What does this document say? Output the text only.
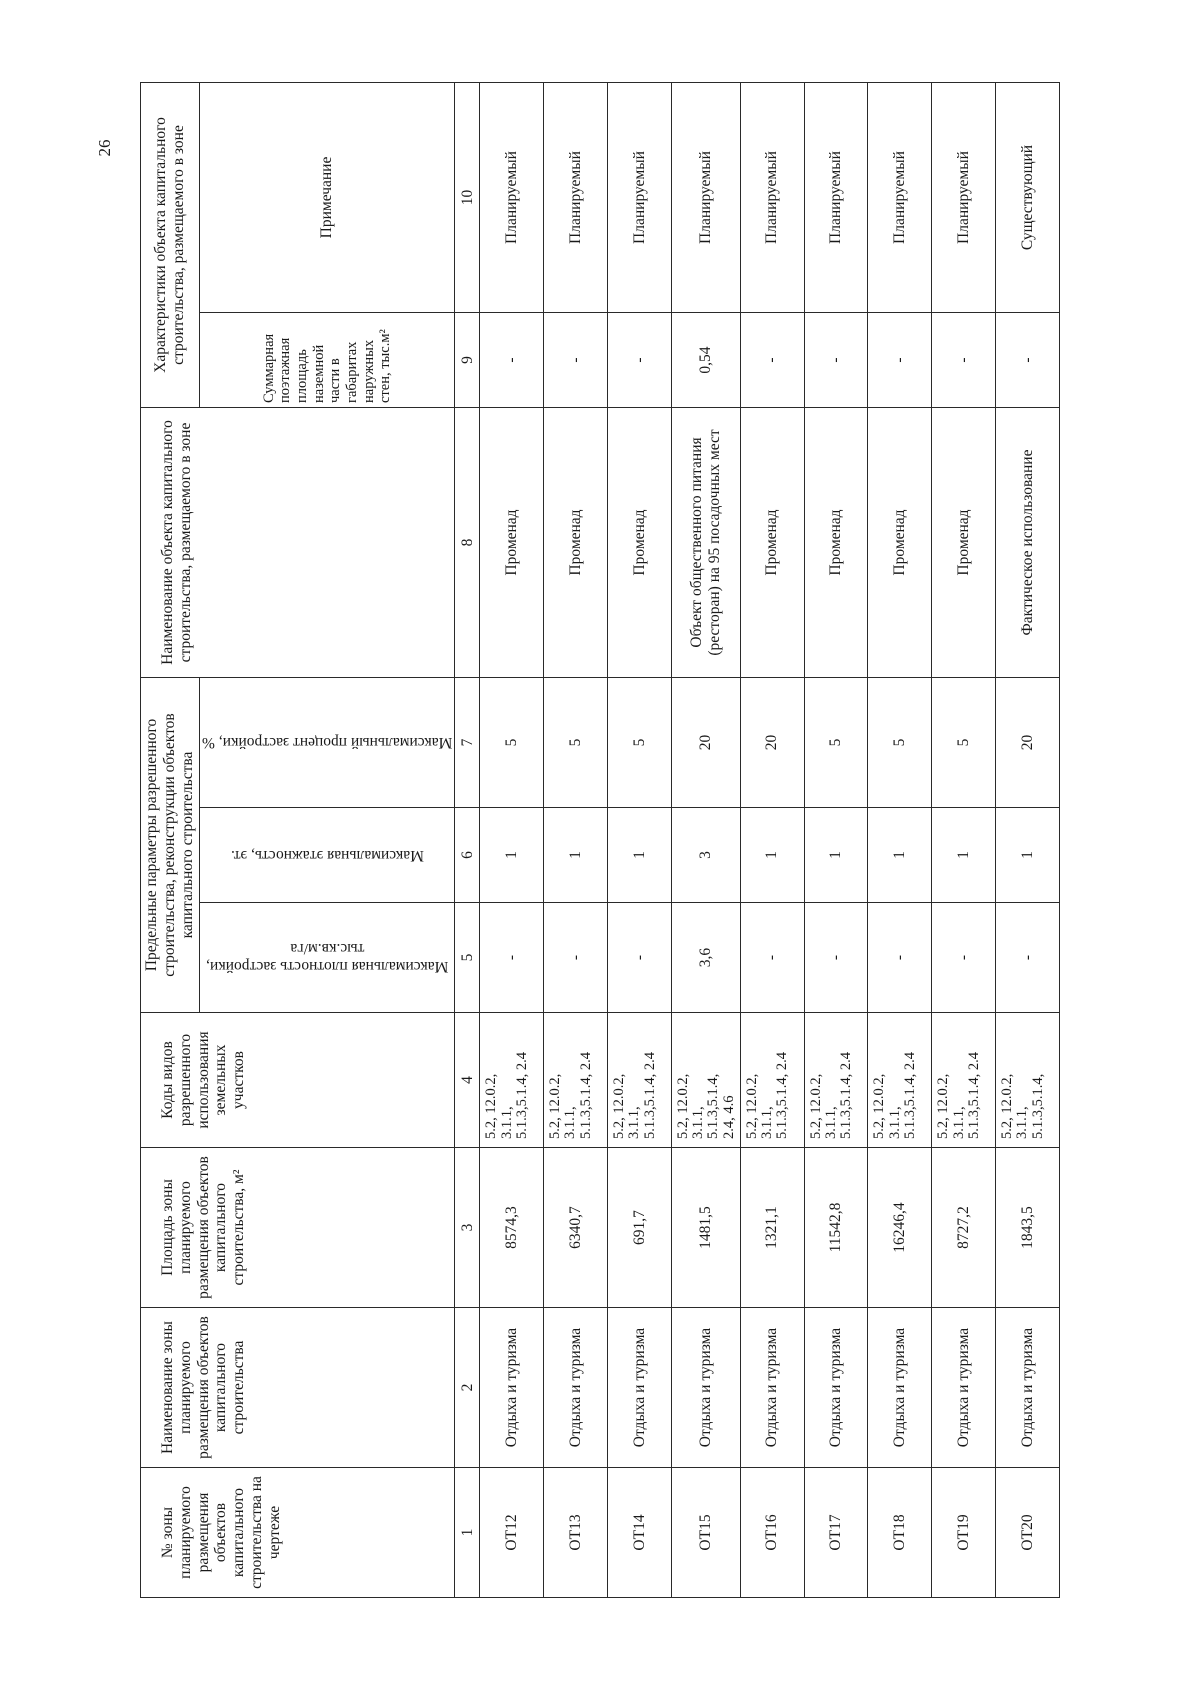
26
№ зоны планируемого размещения объектов капитального строительства на чертеже	Наименование зоны планируемого размещения объектов капитального строительства	Площадь зоны планируемого размещения объектов капитального строительства, м²	Коды видов разрешенного использования земельных участков	Предельные параметры разрешенного строительства, реконструкции объектов капитального строительства			Наименование объекта капитального строительства, размещаемого в зоне	Характеристики объекта капитального строительства, размещаемого в зоне	

				Максимальная плотность застройки, тыс.кв.м/га	Максимальная этажность, эт.	Максимальный процент застройки, %		Суммарная поэтажная площадь наземной части в габаритах наружных стен, тыс.м²	Примечание
1	2	3	4	5	6	7	8	9	10
ОТ12	Отдыха и туризма	8574,3	5.2, 12.0.2, 3.1.1, 5.1.3,5.1.4, 2.4	-	1	5	Променад	-	Планируемый
ОТ13	Отдыха и туризма	6340,7	5.2, 12.0.2, 3.1.1, 5.1.3,5.1.4, 2.4	-	1	5	Променад	-	Планируемый
ОТ14	Отдыха и туризма	691,7	5.2, 12.0.2, 3.1.1, 5.1.3,5.1.4, 2.4	-	1	5	Променад	-	Планируемый
ОТ15	Отдыха и туризма	1481,5	5.2, 12.0.2, 3.1.1, 5.1.3,5.1.4, 2.4, 4.6	3,6	3	20	Объект общественного питания (ресторан) на 95 посадочных мест	0,54	Планируемый
ОТ16	Отдыха и туризма	1321,1	5.2, 12.0.2, 3.1.1, 5.1.3,5.1.4, 2.4	-	1	20	Променад	-	Планируемый
ОТ17	Отдыха и туризма	11542,8	5.2, 12.0.2, 3.1.1, 5.1.3,5.1.4, 2.4	-	1	5	Променад	-	Планируемый
ОТ18	Отдыха и туризма	16246,4	5.2, 12.0.2, 3.1.1, 5.1.3,5.1.4, 2.4	-	1	5	Променад	-	Планируемый
ОТ19	Отдыха и туризма	8727,2	5.2, 12.0.2, 3.1.1, 5.1.3,5.1.4, 2.4	-	1	5	Променад	-	Планируемый
ОТ20	Отдыха и туризма	1843,5	5.2, 12.0.2, 3.1.1, 5.1.3,5.1.4,	-	1	20	Фактическое использование	-	Существующий
